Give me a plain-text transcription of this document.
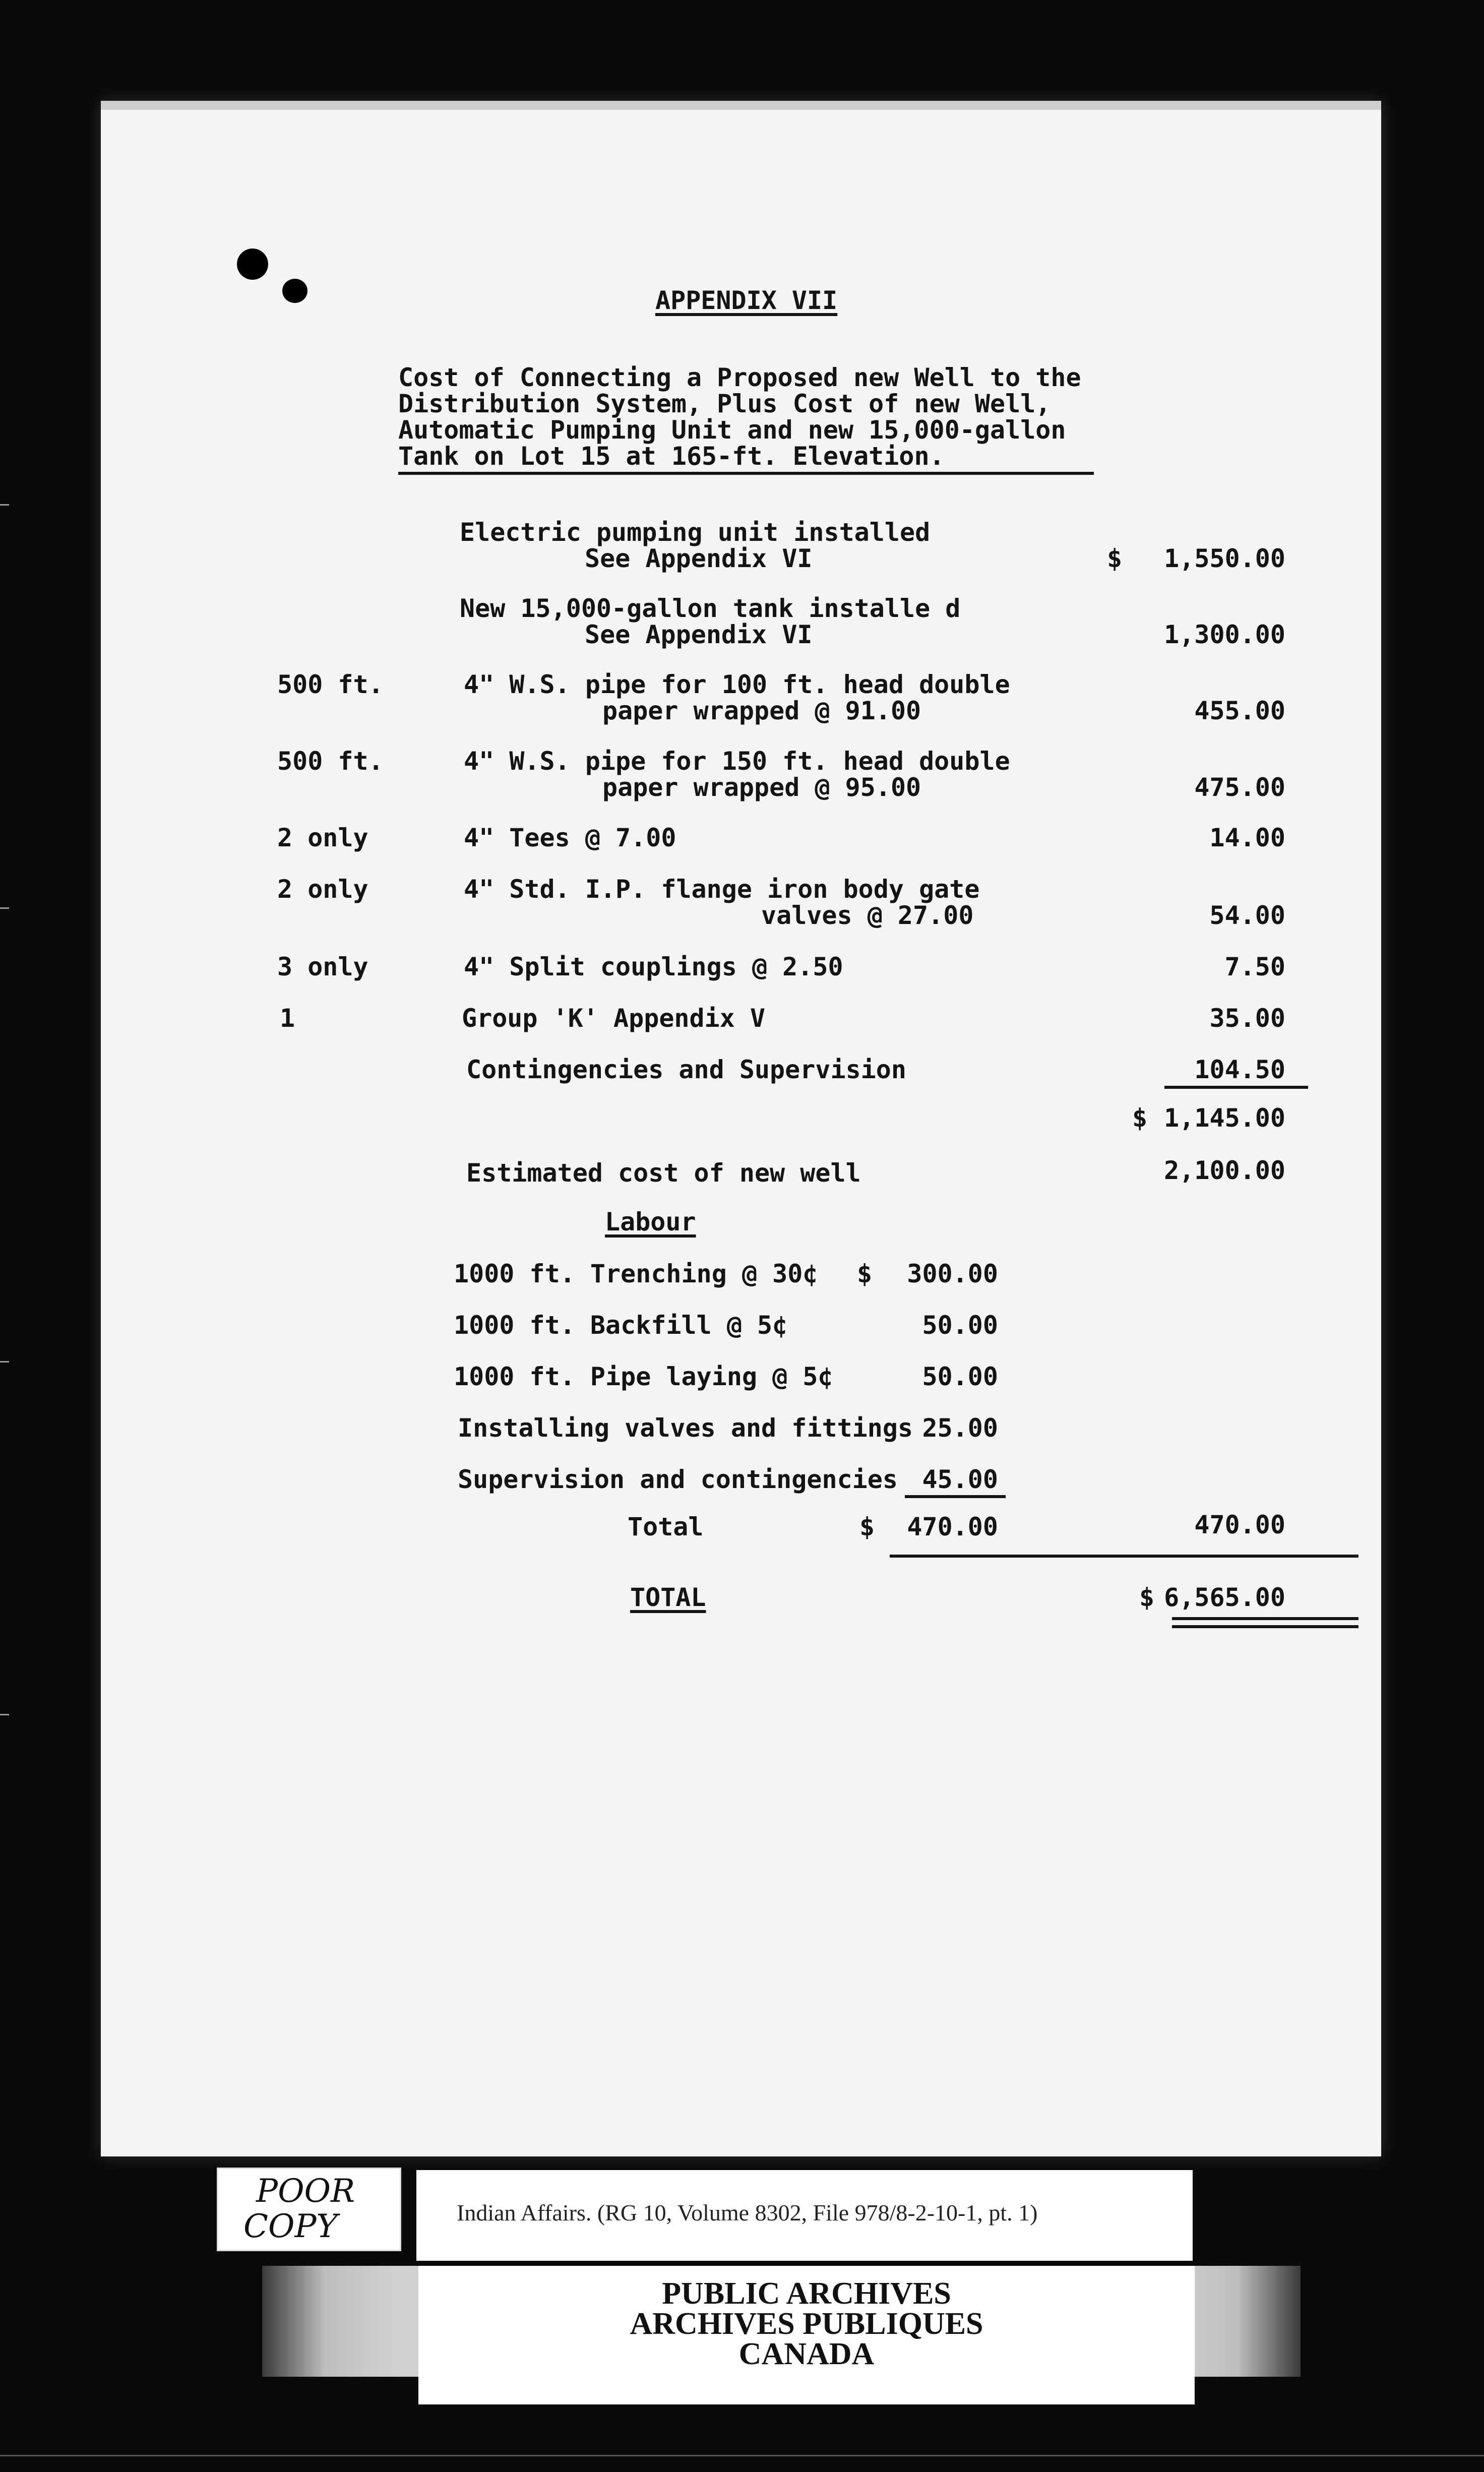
APPENDIX VII
Cost of Connecting a Proposed new Well to the
Distribution System, Plus Cost of new Well,
Automatic Pumping Unit and new 15,000-gallon
Tank on Lot 15 at 165-ft. Elevation.
Electric pumping unit installed
See Appendix VI	$	1,550.00
New 15,000-gallon tank installe d
See Appendix VI	1,300.00
500 ft.	4" W.S. pipe for 100 ft. head double
paper wrapped @ 91.00	455.00
500 ft.	4" W.S. pipe for 150 ft. head double
paper wrapped @ 95.00	475.00
2 only	4" Tees @ 7.00	14.00
2 only	4" Std. I.P. flange iron body gate
valves @ 27.00	54.00
3 only	4" Split couplings @ 2.50	7.50
1	Group 'K' Appendix V	35.00
Contingencies and Supervision	104.50
$ 1,145.00
Estimated cost of new well	2,100.00
Labour
1000 ft. Trenching @ 30¢ $	300.00
1000 ft. Backfill @ 5¢	50.00
1000 ft. Pipe laying @ 5¢	50.00
Installing valves and fittings 25.00
Supervision and contingencies 45.00
Total	$	470.00	470.00
TOTAL	$ 6,565.00
POOR
COPY	Indian Affairs. (RG 10, Volume 8302, File 978/8-2-10-1, pt. 1)
PUBLIC ARCHIVES
ARCHIVES PUBLIQUES
CANADA
